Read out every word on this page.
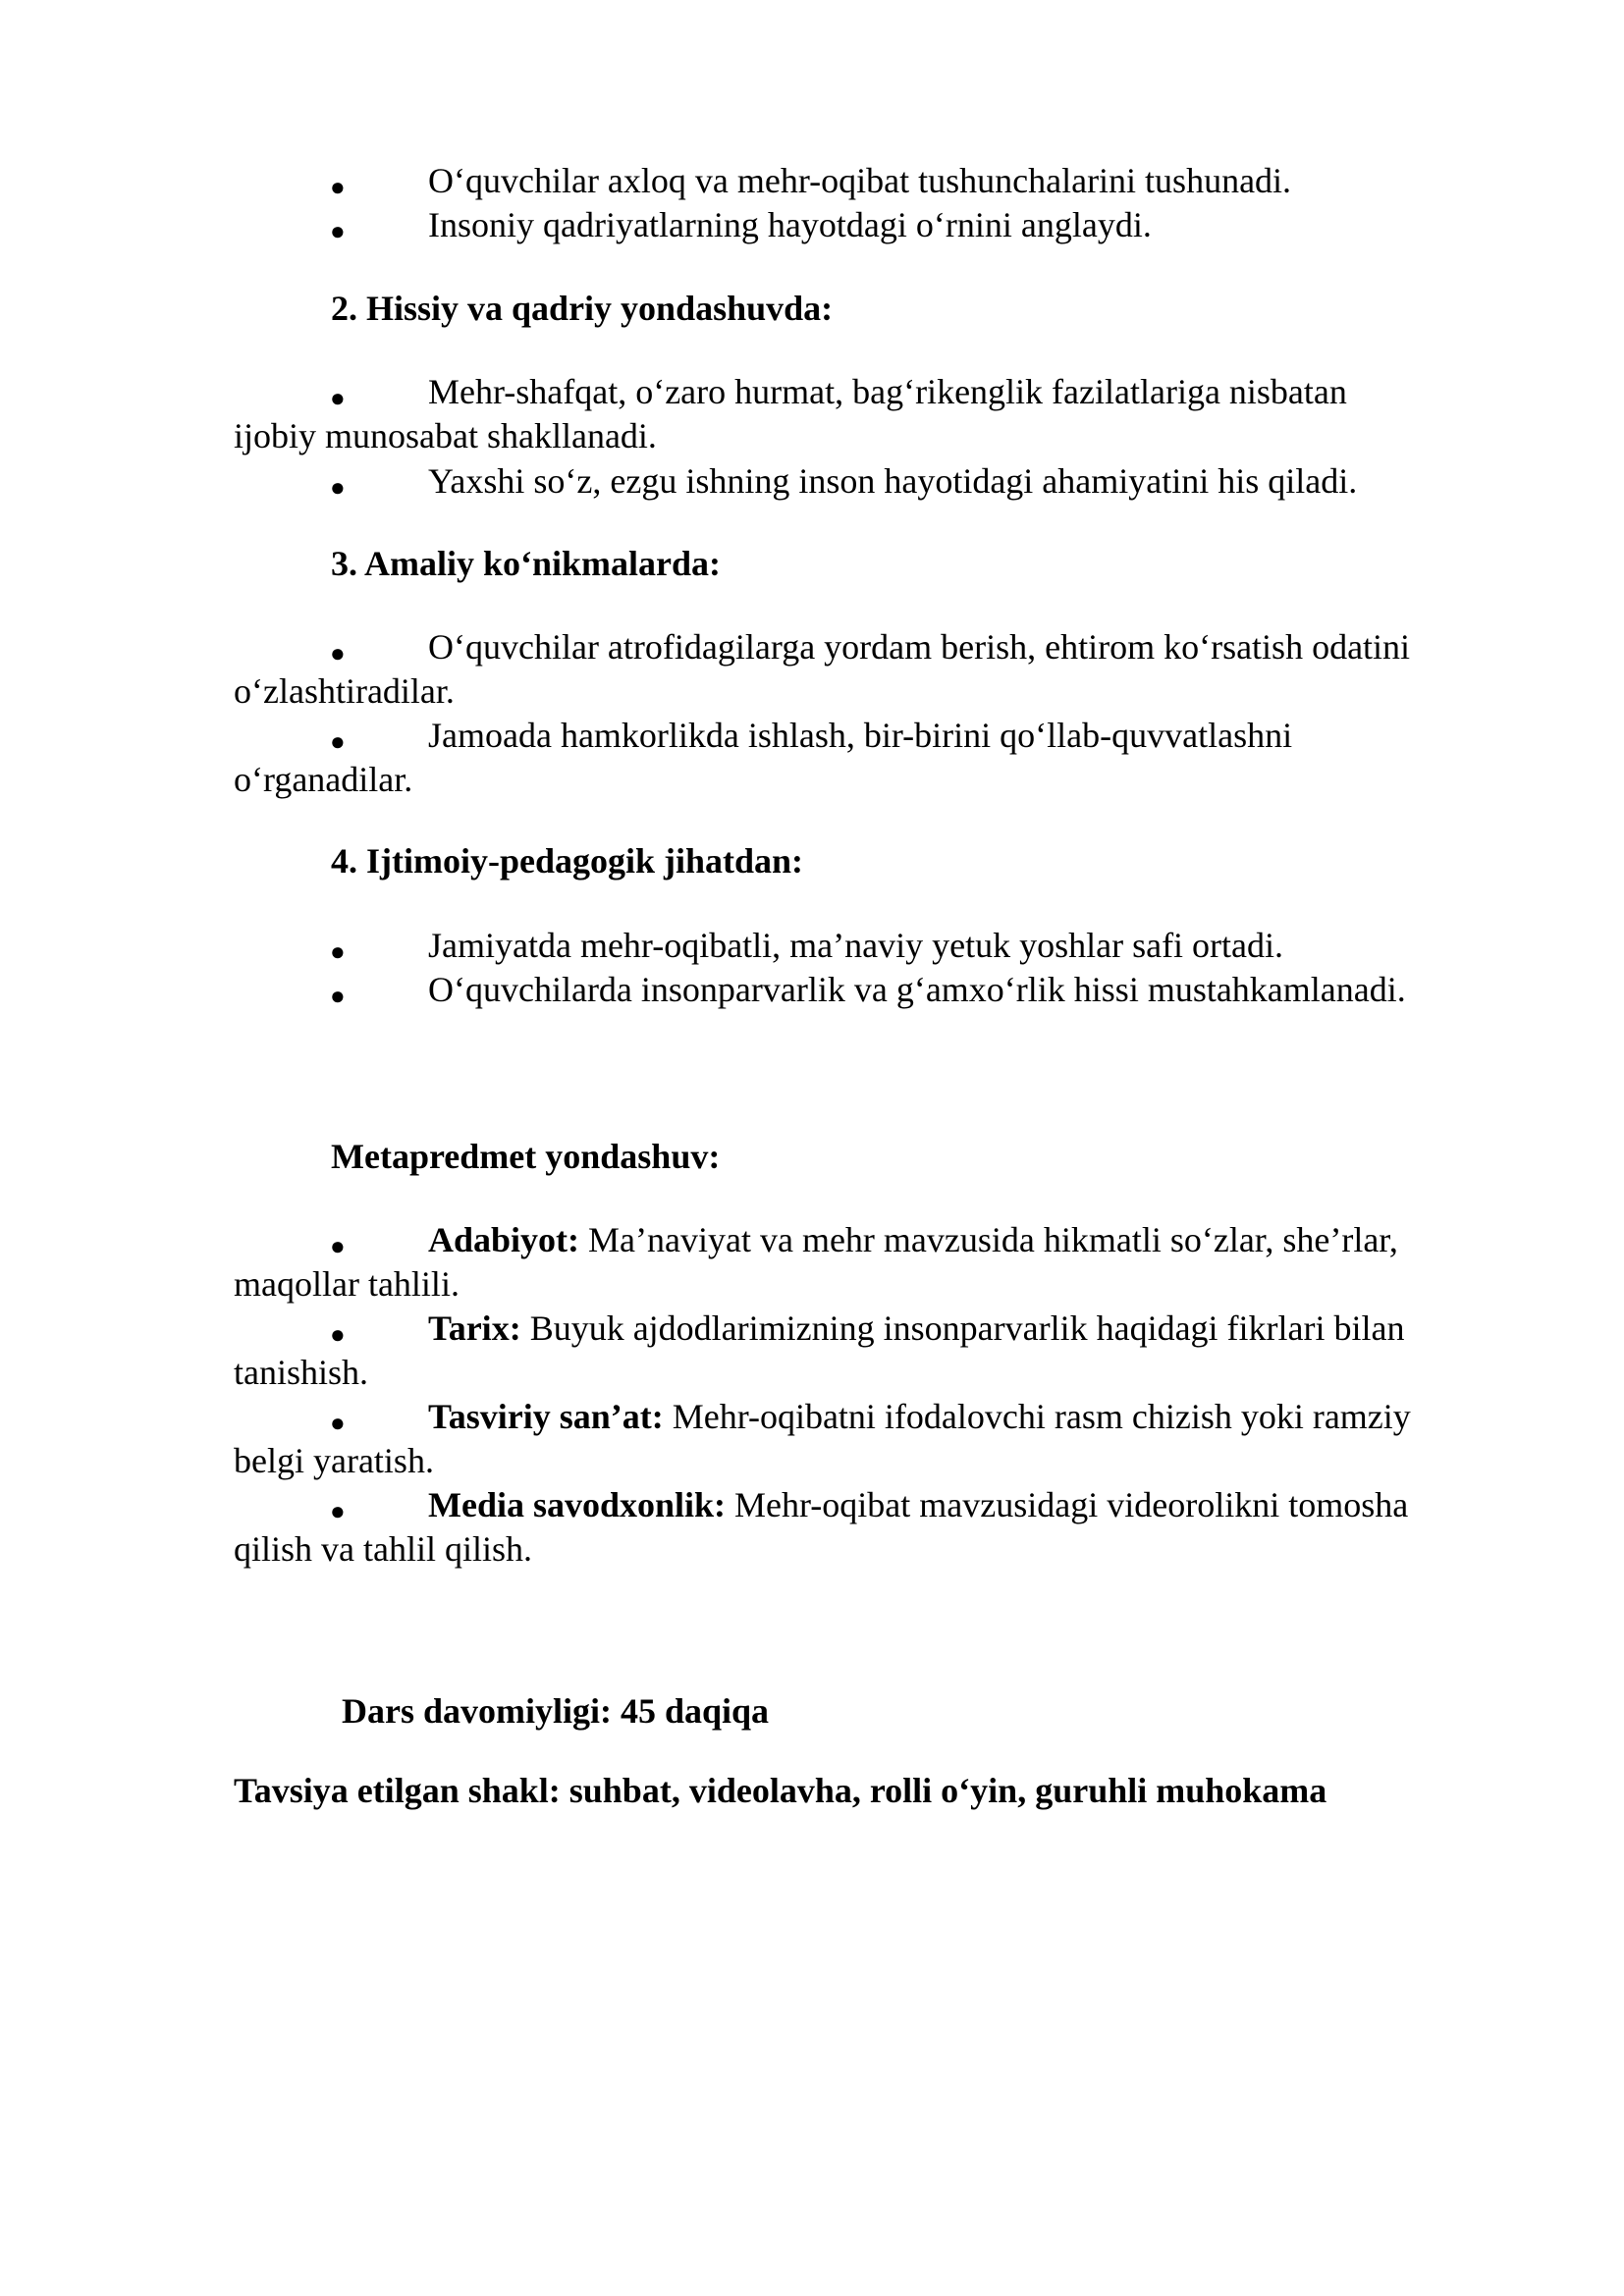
● O‘quvchilar axloq va mehr-oqibat tushunchalarini tushunadi.
● Insoniy qadriyatlarning hayotdagi o‘rnini anglaydi.
2. Hissiy va qadriy yondashuvda:
● Mehr-shafqat, o‘zaro hurmat, bag‘rikenglik fazilatlariga nisbatan
ijobiy munosabat shakllanadi.
● Yaxshi so‘z, ezgu ishning inson hayotidagi ahamiyatini his qiladi.
3. Amaliy ko‘nikmalarda:
● O‘quvchilar atrofidagilarga yordam berish, ehtirom ko‘rsatish odatini
o‘zlashtiradilar.
● Jamoada hamkorlikda ishlash, bir-birini qo‘llab-quvvatlashni
o‘rganadilar.
4. Ijtimoiy-pedagogik jihatdan:
● Jamiyatda mehr-oqibatli, ma’naviy yetuk yoshlar safi ortadi.
● O‘quvchilarda insonparvarlik va g‘amxo‘rlik hissi mustahkamlanadi.
Metapredmet yondashuv:
● Adabiyot: Ma’naviyat va mehr mavzusida hikmatli so‘zlar, she’rlar,
maqollar tahlili.
● Tarix: Buyuk ajdodlarimizning insonparvarlik haqidagi fikrlari bilan
tanishish.
● Tasviriy san’at: Mehr-oqibatni ifodalovchi rasm chizish yoki ramziy
belgi yaratish.
● Media savodxonlik: Mehr-oqibat mavzusidagi videorolikni tomosha
qilish va tahlil qilish.
Dars davomiyligi: 45 daqiqa
Tavsiya etilgan shakl: suhbat, videolavha, rolli o‘yin, guruhli muhokama
